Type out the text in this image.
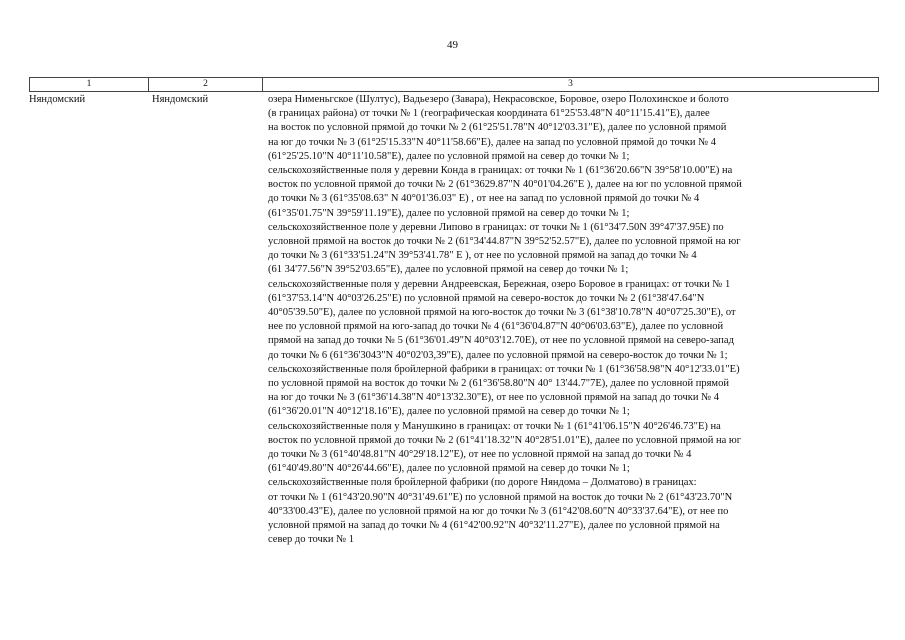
49
1	2	3
Няндомский	Няндомский	озера Нименьгское (Шултус), Вадьезеро (Завара), Некрасовское, Боровое, озеро Полохинское и болото
(в границах района) от точки № 1 (географическая координата 61°25'53.48"N 40°11'15.41"E), далее
на восток по условной прямой до точки № 2 (61°25'51.78"N 40°12'03.31"E), далее по условной прямой
на юг до точки № 3 (61°25'15.33"N 40°11'58.66"E), далее на запад по условной прямой до точки № 4
(61°25'25.10"N 40°11'10.58"E), далее по условной прямой на север до точки № 1;
сельскохозяйственные поля у деревни Конда в границах: от точки № 1 (61°36'20.66"N 39°58'10.00"E) на
восток по условной прямой до точки № 2 (61°3629.87"N 40°01'04.26"E ), далее на юг по условной прямой
до точки № 3 (61°35'08.63" N 40°01'36.03" E) , от нее на запад по условной прямой до точки № 4
(61°35'01.75"N 39°59'11.19"E), далее по условной прямой на север до точки № 1;
сельскохозяйственное поле у деревни Липово в границах: от точки № 1 (61°34'7.50N 39°47'37.95E) по
условной прямой на восток до точки № 2 (61°34'44.87"N 39°52'52.57"E), далее по условной прямой на юг
до точки № 3 (61°33'51.24"N 39°53'41.78" E ), от нее по условной прямой на запад до точки № 4
(61 34'77.56"N 39°52'03.65"E), далее по условной прямой на север до точки № 1;
сельскохозяйственные поля у деревни Андреевская, Бережная, озеро Боровое в границах: от точки № 1
(61°37'53.14"N 40°03'26.25"E) по условной прямой на северо-восток до точки № 2 (61°38'47.64"N
40°05'39.50"E), далее по условной прямой на юго-восток до точки № 3 (61°38'10.78"N 40°07'25.30"E), от
нее по условной прямой на юго-запад до точки № 4 (61°36'04.87"N 40°06'03.63"E), далее по условной
прямой на запад до точки № 5 (61°36'01.49"N 40°03'12.70E), от нее по условной прямой на северо-запад
до точки № 6 (61°36'3043"N 40°02'03,39"E), далее по условной прямой на северо-восток до точки № 1;
сельскохозяйственные поля бройлерной фабрики в границах: от точки № 1 (61°36'58.98"N 40°12'33.01"E)
по условной прямой на восток до точки № 2 (61°36'58.80"N 40° 13'44.7"7E), далее по условной прямой
на юг до точки № 3 (61°36'14.38"N 40°13'32.30"E), от нее по условной прямой на запад до точки № 4
(61°36'20.01"N 40°12'18.16"E), далее по условной прямой на север до точки № 1;
сельскохозяйственные поля у Манушкино в границах: от точки № 1 (61°41'06.15"N 40°26'46.73"E) на
восток по условной прямой до точки № 2 (61°41'18.32"N 40°28'51.01"E), далее по условной прямой на юг
до точки № 3 (61°40'48.81"N 40°29'18.12"E), от нее по условной прямой на запад до точки № 4
(61°40'49.80"N 40°26'44.66"E), далее по условной прямой на север до точки № 1;
сельскохозяйственные поля бройлерной фабрики (по дороге Няндома – Долматово) в границах:
от точки № 1 (61°43'20.90"N 40°31'49.61"E) по условной прямой на восток до точки № 2 (61°43'23.70"N
40°33'00.43"E), далее по условной прямой на юг до точки № 3 (61°42'08.60"N 40°33'37.64"E), от нее по
условной прямой на запад до точки № 4 (61°42'00.92"N 40°32'11.27"E), далее по условной прямой на
север до точки № 1
